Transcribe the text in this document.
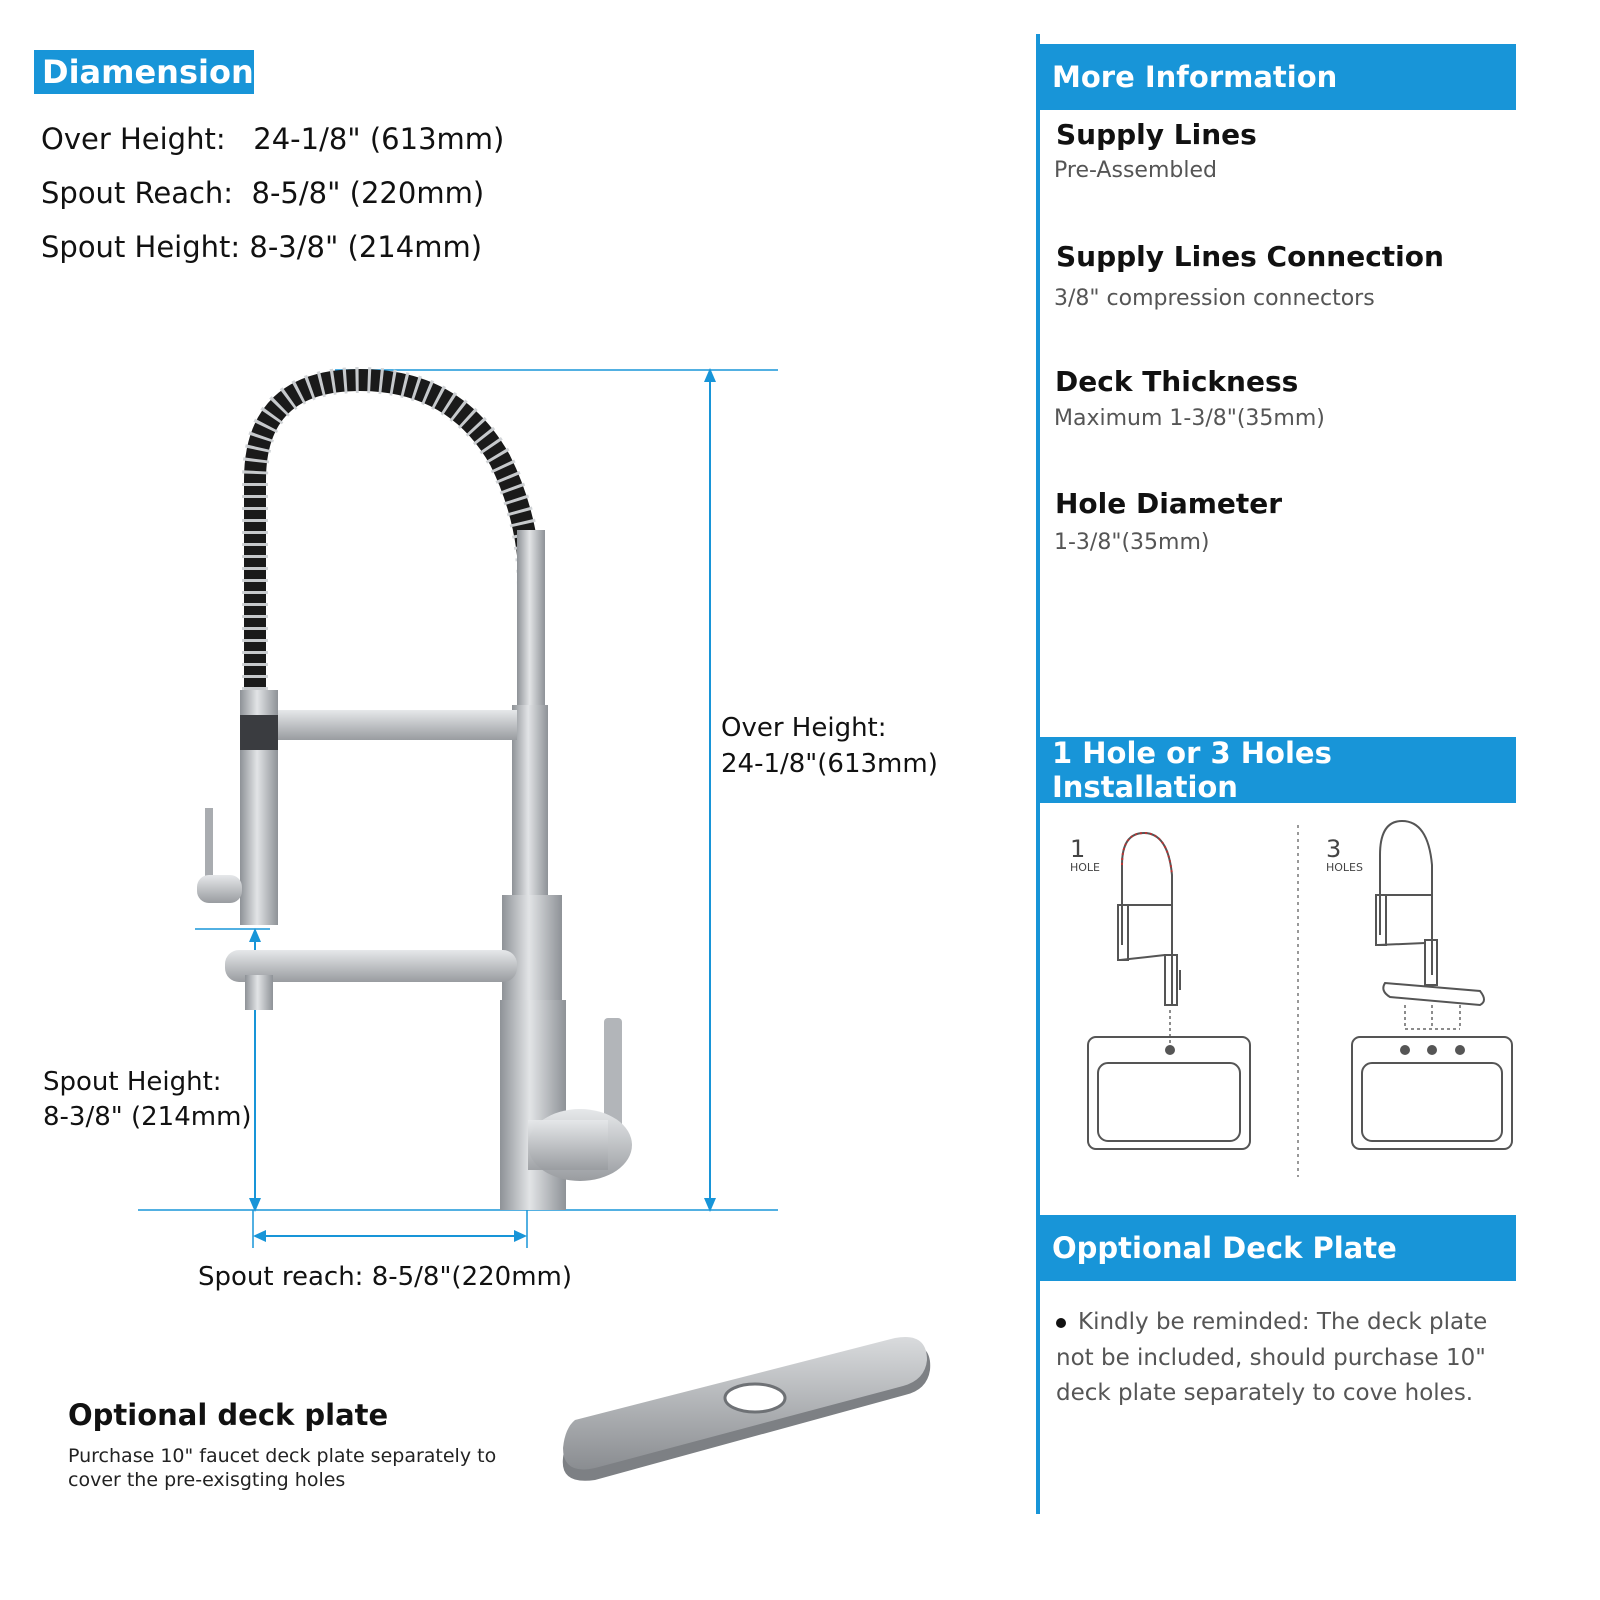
Diamension:
Over Height:   24-1/8" (613mm)
Spout Reach:  8-5/8" (220mm)
Spout Height: 8-3/8" (214mm)
Over Height:
24-1/8"(613mm)
Spout Height:
8-3/8" (214mm)
Spout reach: 8-5/8"(220mm)
Optional deck plate
Purchase 10" faucet deck plate separately to
cover the pre-exisgting holes
More Information
Supply Lines
Pre-Assembled
Supply Lines Connection
3/8" compression connectors
Deck Thickness
Maximum 1-3/8"(35mm)
Hole Diameter
1-3/8"(35mm)
1 Hole or 3 Holes Installation
1
HOLE
3
HOLES
Opptional Deck Plate
Kindly be reminded: The deck plate
not be included, should purchase 10"
deck plate separately to cove holes.
